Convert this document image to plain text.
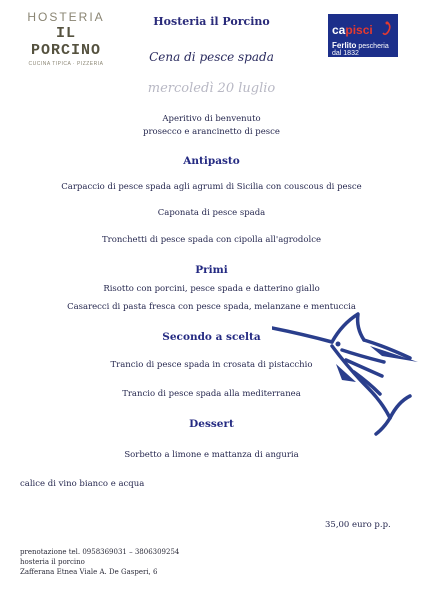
HOSTERIA
IL PORCINO
CUCINA TIPICA · PIZZERIA
capisci
Ferlito pescheria dal 1832
Hosteria il Porcino
Cena di pesce spada
mercoledì 20 luglio
Aperitivo di benvenuto
prosecco e arancinetto di pesce
Antipasto
Carpaccio di pesce spada agli agrumi di Sicilia con couscous di pesce
Caponata di pesce spada
Tronchetti di pesce spada con cipolla all'agrodolce
Primi
Risotto con porcini, pesce spada e datterino giallo
Casarecci di pasta fresca con pesce spada, melanzane e mentuccia
Secondo a scelta
Trancio di pesce spada in crosata di pistacchio
Trancio di pesce spada alla mediterranea
Dessert
Sorbetto a limone e mattanza di anguria
calice di vino bianco e acqua
35,00 euro p.p.
prenotazione tel. 0958369031 – 3806309254
hosteria il porcino
Zafferana Etnea Viale A. De Gasperi, 6
